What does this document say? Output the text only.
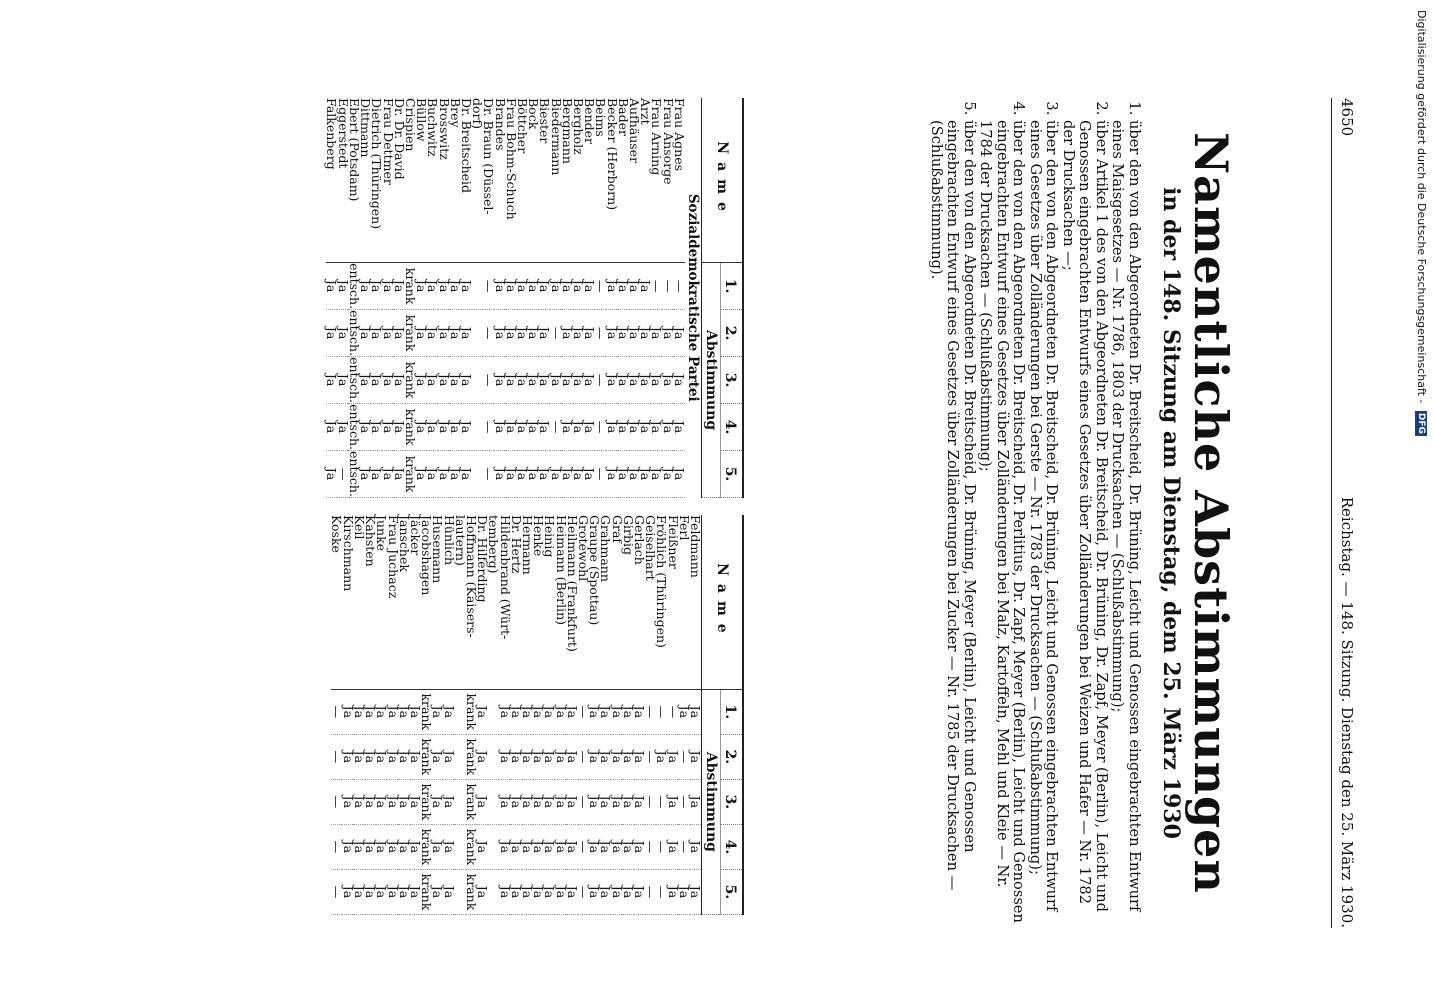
Digitalisierung gefördert durch die Deutsche Forschungsgemeinschaft - DFG
4650
Reichstag. — 148. Sitzung. Dienstag den 25. März 1930.
Namentliche Abstimmungen
in der 148. Sitzung am Dienstag, dem 25. März 1930
1. über den von den Abgeordneten Dr. Breitscheid, Dr. Brüning, Leicht und Genossen eingebrachten Entwurf eines Maisgesetzes — Nr. 1786, 1803 der Drucksachen — (Schlußabstimmung);
2. über Artikel 1 des von den Abgeordneten Dr. Breitscheid, Dr. Brüning, Dr. Zapf, Meyer (Berlin), Leicht und Genossen eingebrachten Entwurfs eines Gesetzes über Zolländerungen bei Weizen und Hafer — Nr. 1782 der Drucksachen —;
3. über den von den Abgeordneten Dr. Breitscheid, Dr. Brüning, Leicht und Genossen eingebrachten Entwurf eines Gesetzes über Zolländerungen bei Gerste — Nr. 1783 der Drucksachen — (Schlußabstimmung);
4. über den von den Abgeordneten Dr. Breitscheid, Dr. Perlitius, Dr. Zapf, Meyer (Berlin), Leicht und Genossen eingebrachten Entwurf eines Gesetzes über Zolländerungen bei Malz, Kartoffeln, Mehl und Kleie — Nr. 1784 der Drucksachen — (Schlußabstimmung);
5. über den von den Abgeordneten Dr. Breitscheid, Dr. Brüning, Meyer (Berlin), Leicht und Genossen eingebrachten Entwurf eines Gesetzes über Zolländerungen bei Zucker — Nr. 1785 der Drucksachen — (Schlußabstimmung).
Name	1.	2.	3.	4.	5.
	Abstimmung				
Sozialdemokratische Partei					
Frau Agnes	—	Ja	Ja	Ja	Ja
Frau Ansorge	—	Ja	Ja	Ja	Ja
Frau Arning	—	Ja	Ja	Ja	Ja
Arzt	Ja	Ja	Ja	Ja	Ja
Aufhäuser	Ja	Ja	Ja	Ja	Ja
Bader	Ja	Ja	Ja	Ja	Ja
Becker (Herborn)	Ja	Ja	Ja	Ja	Ja
Beims	—	—	—	—	—
Bender	Ja	Ja	Ja	Ja	Ja
Bergholz	Ja	Ja	Ja	Ja	Ja
Bergmann	Ja	Ja	Ja	Ja	Ja
Biedermann	Ja	—	Ja	—	Ja
Biester	Ja	Ja	Ja	Ja	Ja
Bock	Ja	Ja	Ja	Ja	Ja
Böttcher	Ja	Ja	Ja	Ja	Ja
Frau Bohm-Schuch	Ja	Ja	Ja	Ja	Ja
Brandes	Ja	Ja	Ja	Ja	Ja
Dr. Braun (Düssel-	—	—	—	—	—
dorf)					
Dr. Breitscheid	Ja	Ja	Ja	Ja	Ja
Brey	Ja	Ja	Ja	Ja	Ja
Brosswitz	Ja	Ja	Ja	Ja	Ja
Buchwitz	Ja	Ja	Ja	Ja	Ja
Büllow	Ja	Ja	Ja	Ja	Ja
Crispien	krank	krank	krank	krank	krank
Dr. Dr. David	Ja	Ja	Ja	Ja	Ja
Frau Dettmer	Ja	Ja	Ja	Ja	Ja
Dietrich (Thüringen)	Ja	Ja	Ja	Ja	Ja
Dittmann	Ja	Ja	Ja	Ja	Ja
Ebert (Potsdam)	entsch.	entsch.	entsch.	entsch.	entsch.
Eggerstedt	Ja	Ja	Ja	Ja	—
Falkenberg	Ja	Ja	Ja	Ja	Ja
Name	1.	2.	3.	4.	5.
	Abstimmung				
Feldmann	Ja	Ja	Ja	Ja	Ja
Ferl	Ja	—	—	—	Ja
Fleißner	—	Ja	Ja	Ja	Ja
Fröhlich (Thüringen)	—	Ja	—	—	—
Geiselhart	—	—	—	—	—
Gerlach	Ja	Ja	Ja	Ja	Ja
Girbig	Ja	Ja	Ja	Ja	Ja
Graf	Ja	Ja	Ja	Ja	Ja
Grahmann	Ja	Ja	Ja	Ja	Ja
Graupe (Spottau)	Ja	Ja	Ja	Ja	Ja
Grotewohl	—	—	—	—	—
Heilmann (Frankfurt)	Ja	Ja	Ja	Ja	Ja
Heimann (Berlin)	Ja	Ja	Ja	Ja	Ja
Heinig	Ja	Ja	Ja	Ja	Ja
Henke	Ja	Ja	Ja	Ja	Ja
Hermann	Ja	Ja	Ja	Ja	Ja
Dr. Hertz	Ja	Ja	Ja	Ja	Ja
Hildenbrand (Würt-	Ja	Ja	Ja	Ja	Ja
temberg)					
Dr. Hilferding	Ja	Ja	Ja	Ja	Ja
Hoffmann (Kaisers-	krank	krank	krank	krank	krank
lautern)					
Hünlich	Ja	Ja	Ja	Ja	Ja
Husemann	Ja	Ja	Ja	Ja	Ja
Jacobshagen	krank	krank	krank	krank	krank
Jäcker	Ja	Ja	Ja	Ja	Ja
Janschek	Ja	Ja	Ja	Ja	Ja
Frau Juchacz	Ja	Ja	Ja	Ja	Ja
Junke	Ja	Ja	Ja	Ja	Ja
Kahsten	Ja	Ja	Ja	Ja	Ja
Keil	Ja	Ja	Ja	Ja	Ja
Kirschmann	Ja	Ja	Ja	Ja	Ja
Koske	—	—	—	—	—
